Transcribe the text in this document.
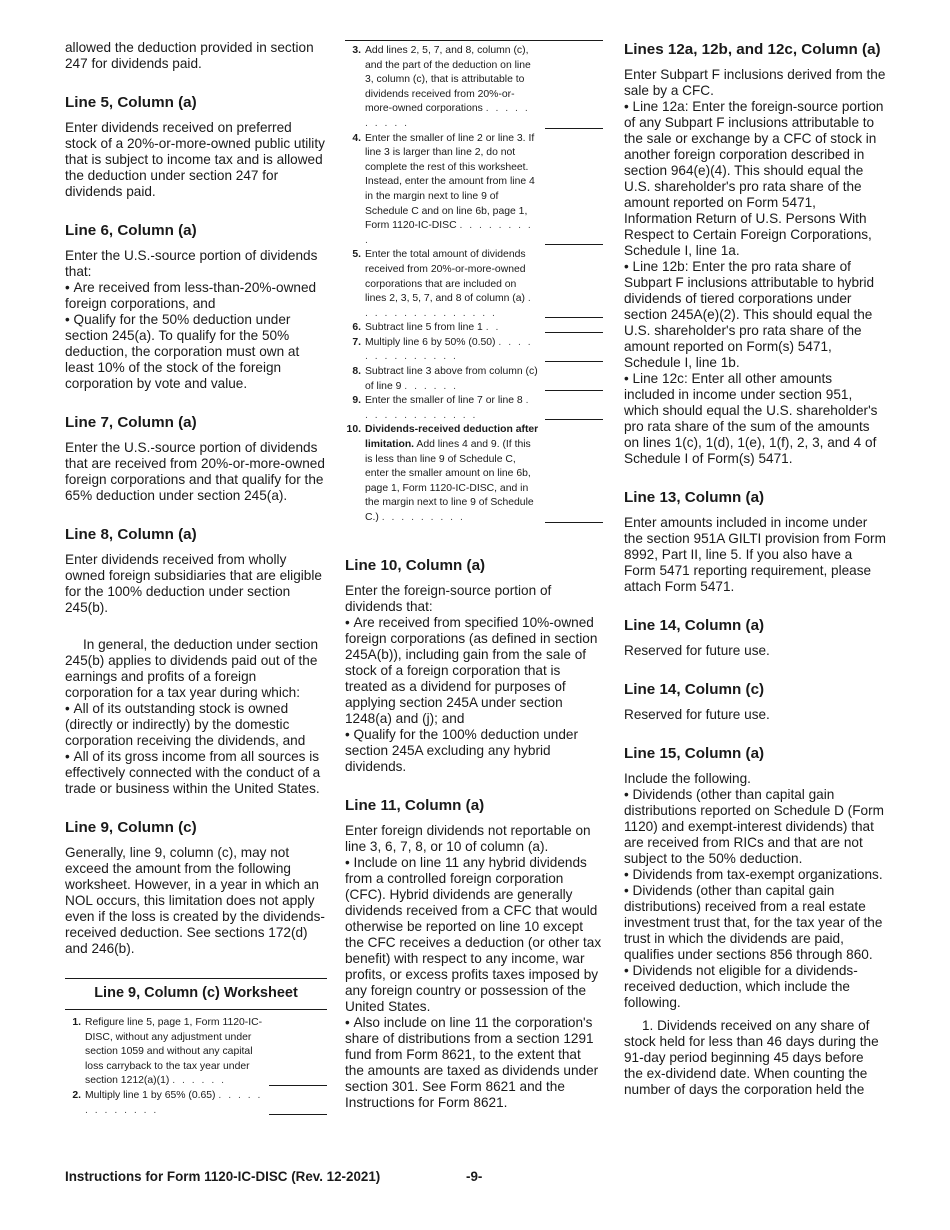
allowed the deduction provided in section 247 for dividends paid.

Line 5, Column (a)

Enter dividends received on preferred stock of a 20%-or-more-owned public utility that is subject to income tax and is allowed the deduction under section 247 for dividends paid.

Line 6, Column (a)

Enter the U.S.-source portion of dividends that:

• Are received from less-than-20%-owned foreign corporations, and

• Qualify for the 50% deduction under section 245(a). To qualify for the 50% deduction, the corporation must own at least 10% of the stock of the foreign corporation by vote and value.

Line 7, Column (a)

Enter the U.S.-source portion of dividends that are received from 20%-or-more-owned foreign corporations and that qualify for the 65% deduction under section 245(a).

Line 8, Column (a)

Enter dividends received from wholly owned foreign subsidiaries that are eligible for the 100% deduction under section 245(b).

In general, the deduction under section 245(b) applies to dividends paid out of the earnings and profits of a foreign corporation for a tax year during which:

• All of its outstanding stock is owned (directly or indirectly) by the domestic corporation receiving the dividends, and

• All of its gross income from all sources is effectively connected with the conduct of a trade or business within the United States.

Line 9, Column (c)

Generally, line 9, column (c), may not exceed the amount from the following worksheet. However, in a year in which an NOL occurs, this limitation does not apply even if the loss is created by the dividends-received deduction. See sections 172(d) and 246(b).

Line 9, Column (c) Worksheet
1. Refigure line 5, page 1, Form 1120-IC-DISC, without any adjustment under section 1059 and without any capital loss carryback to the tax year under section 1212(a)(1) . . . . . .
2. Multiply line 1 by 65% (0.65) . . . . . . . . . . . . .
3. Add lines 2, 5, 7, and 8, column (c), and the part of the deduction on line 3, column (c), that is attributable to dividends received from 20%-or-more-owned corporations . . . . . . . . . .
4. Enter the smaller of line 2 or line 3. If line 3 is larger than line 2, do not complete the rest of this worksheet. Instead, enter the amount from line 4 in the margin next to line 9 of Schedule C and on line 6b, page 1, Form 1120-IC-DISC . . . . . . . . .
5. Enter the total amount of dividends received from 20%-or-more-owned corporations that are included on lines 2, 3, 5, 7, and 8 of column (a) . . . . . . . . . . . . . . .
6. Subtract line 5 from line 1 . .
7. Multiply line 6 by 50% (0.50) . . . . . . . . . . . . . .
8. Subtract line 3 above from column (c) of line 9 . . . . . .
9. Enter the smaller of line 7 or line 8 . . . . . . . . . . . . .
10. Dividends-received deduction after limitation. Add lines 4 and 9. (If this is less than line 9 of Schedule C, enter the smaller amount on line 6b, page 1, Form 1120-IC-DISC, and in the margin next to line 9 of Schedule C.) . . . . . . . . .
Line 10, Column (a)

Enter the foreign-source portion of dividends that:

• Are received from specified 10%-owned foreign corporations (as defined in section 245A(b)), including gain from the sale of stock of a foreign corporation that is treated as a dividend for purposes of applying section 245A under section 1248(a) and (j); and

• Qualify for the 100% deduction under section 245A excluding any hybrid dividends.

Line 11, Column (a)

Enter foreign dividends not reportable on line 3, 6, 7, 8, or 10 of column (a).

• Include on line 11 any hybrid dividends from a controlled foreign corporation (CFC). Hybrid dividends are generally dividends received from a CFC that would otherwise be reported on line 10 except the CFC receives a deduction (or other tax benefit) with respect to any income, war profits, or excess profits taxes imposed by any foreign country or possession of the United States.

• Also include on line 11 the corporation's share of distributions from a section 1291 fund from Form 8621, to the extent that the amounts are taxed as dividends under section 301. See Form 8621 and the Instructions for Form 8621.

Lines 12a, 12b, and 12c, Column (a)

Enter Subpart F inclusions derived from the sale by a CFC.

• Line 12a: Enter the foreign-source portion of any Subpart F inclusions attributable to the sale or exchange by a CFC of stock in another foreign corporation described in section 964(e)(4). This should equal the U.S. shareholder's pro rata share of the amount reported on Form 5471, Information Return of U.S. Persons With Respect to Certain Foreign Corporations, Schedule I, line 1a.

• Line 12b: Enter the pro rata share of Subpart F inclusions attributable to hybrid dividends of tiered corporations under section 245A(e)(2). This should equal the U.S. shareholder's pro rata share of the amount reported on Form(s) 5471, Schedule I, line 1b.

• Line 12c: Enter all other amounts included in income under section 951, which should equal the U.S. shareholder's pro rata share of the sum of the amounts on lines 1(c), 1(d), 1(e), 1(f), 2, 3, and 4 of Schedule I of Form(s) 5471.

Line 13, Column (a)

Enter amounts included in income under the section 951A GILTI provision from Form 8992, Part II, line 5. If you also have a Form 5471 reporting requirement, please attach Form 5471.

Line 14, Column (a)

Reserved for future use.

Line 14, Column (c)

Reserved for future use.

Line 15, Column (a)

Include the following.

• Dividends (other than capital gain distributions reported on Schedule D (Form 1120) and exempt-interest dividends) that are received from RICs and that are not subject to the 50% deduction.

• Dividends from tax-exempt organizations.

• Dividends (other than capital gain distributions) received from a real estate investment trust that, for the tax year of the trust in which the dividends are paid, qualifies under sections 856 through 860.

• Dividends not eligible for a dividends-received deduction, which include the following.

1. Dividends received on any share of stock held for less than 46 days during the 91-day period beginning 45 days before the ex-dividend date. When counting the number of days the corporation held the

Instructions for Form 1120-IC-DISC (Rev. 12-2021)	-9-
